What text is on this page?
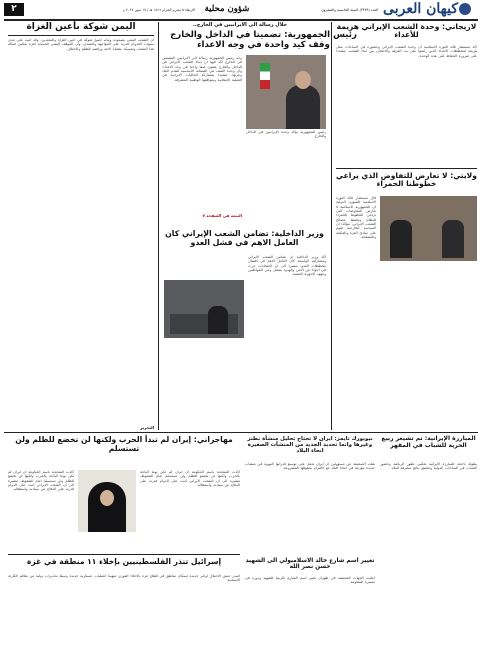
کیهان العربی
العدد (٣٣٧٩) السنة الخامسة والعشرون
شؤون محلية
الاربعاء ٥ محرم الحرام ١٤٤٦ هـ / ١٧ تموز ٢٠٢٤ م
٢
اليمن شوكة بأعين الغزاة
ان الشعب اليمني بصموده وثباته اصبح شوكة في اعين الغزاة والمعتدين، وقد اثبت على مدى سنوات العدوان قدرته على المواجهة والتصدي، وان الموقف اليمني المساند لغزة يعكس اصالة هذا الشعب وتمسكه بقضايا الامة ورفضه للظلم والاحتلال.
التحرير
خلال رسالة الى الايرانيين في الخارج..
رئيس الجمهورية: تضمينا في الداخل والخارج وقف كيد واحدة في وجه الاعداء
وجه رئيس الجمهورية رسالة الى الايرانيين المقيمين في الخارج اكد فيها ان ابناء الشعب الايراني في الداخل والخارج يقفون صفا واحدا في وجه الاعداء، وان وحدة الصف هي الضمانة الاساسية لتقدم البلاد وعزتها، مشيدا بمشاركة الجاليات الايرانية في العملية الانتخابية وبمواقفها الوطنية المشرفة.
التتمة في الصفحة ٧
رئيس الجمهورية يؤكد وحدة الايرانيين في الداخل والخارج
وزير الداخلية: تضامن الشعب الإيراني كان العامل الاهم في فشل العدو
اكد وزير الداخلية ان تضامن الشعب الايراني ومشاركته الواسعة كان العامل الاهم في افشال مخططات العدو، مشيرا الى ان الانتخابات جرت في اجواء من الامن والهدوء بفضل وعي المواطنين وجهود الاجهزة المعنية.
لاريجاني: وحدة الشعب الإيراني هزيمة للأعداء
اكد مستشار قائد الثورة الاسلامية ان وحدة الشعب الايراني وحضوره في الساحات يمثل هزيمة لمخططات الاعداء الذين راهنوا على بث الفرقة والاختلاف بين ابناء الشعب، مشددا على ضرورة الحفاظ على هذه الوحدة.
ولايتي: لا تعارض للتفاوض الذي يراعي خطوطنا الحمراء
قال مستشار قائد الثورة الاسلامية للشؤون الدولية ان الجمهورية الاسلامية لا تعارض المفاوضات التي تراعي الخطوط الحمراء للنظام وتحفظ مصالح الشعب الايراني، مؤكدا ان السياسة الخارجية تقوم على مبادئ العزة والحكمة والمصلحة.
مهاجراني: إيران لم تبدأ الحرب ولكنها لن تخضع للظلم ولن تستسلم
اكدت المتحدثة باسم الحكومة ان ايران لم تكن يوما البادئة بالحرب ولكنها لن تخضع للظلم ولن تستسلم امام الضغوط، مشيرة الى ان الشعب الايراني اثبت على الدوام قدرته على الدفاع عن سيادته واستقلاله.
اكدت المتحدثة باسم الحكومة ان ايران لم تكن يوما البادئة بالحرب ولكنها لن تخضع للظلم ولن تستسلم امام الضغوط، مشيرة الى ان الشعب الايراني اثبت على الدوام قدرته على الدفاع عن سيادته واستقلاله.
إسرائيل تنذر الفلسطينيين بإخلاء ١١ منطقة في غزة
اصدر جيش الاحتلال اوامر جديدة لسكان مناطق في قطاع غزة بالاخلاء الفوري تمهيدا لعمليات عسكرية جديدة وسط تحذيرات دولية من تفاقم الكارثة الانسانية.
نيويورك تايمز: ايران لا تحتاج تحليل منشأة نطنز وغيرها وانما تحديد الجديد من المنشآت الصغيرة انحاء البلاد
نقلت الصحيفة عن مسؤولين ان ايران تعمل على توسيع قدراتها النووية في منشآت جديدة موزعة في انحاء البلاد مع الالتزام بحقوقها المشروعة.
تغيير اسم شارع خالد الاسلامبولي الى الشهيد حسن نصر الله
اعلنت الجهات المختصة في طهران تغيير اسم الشارع تكريما للشهيد ودوره في مسيرة المقاومة.
المبارزة الإيرانية: تم تشيغر ربيع الحرية للشباب في المقهر
بطولة ناجحة للمبارزة الايرانية تعكس تطور الرياضة وحضور الشباب في الساحات الدولية وتحقيق نتائج مشرفة للبلاد.
